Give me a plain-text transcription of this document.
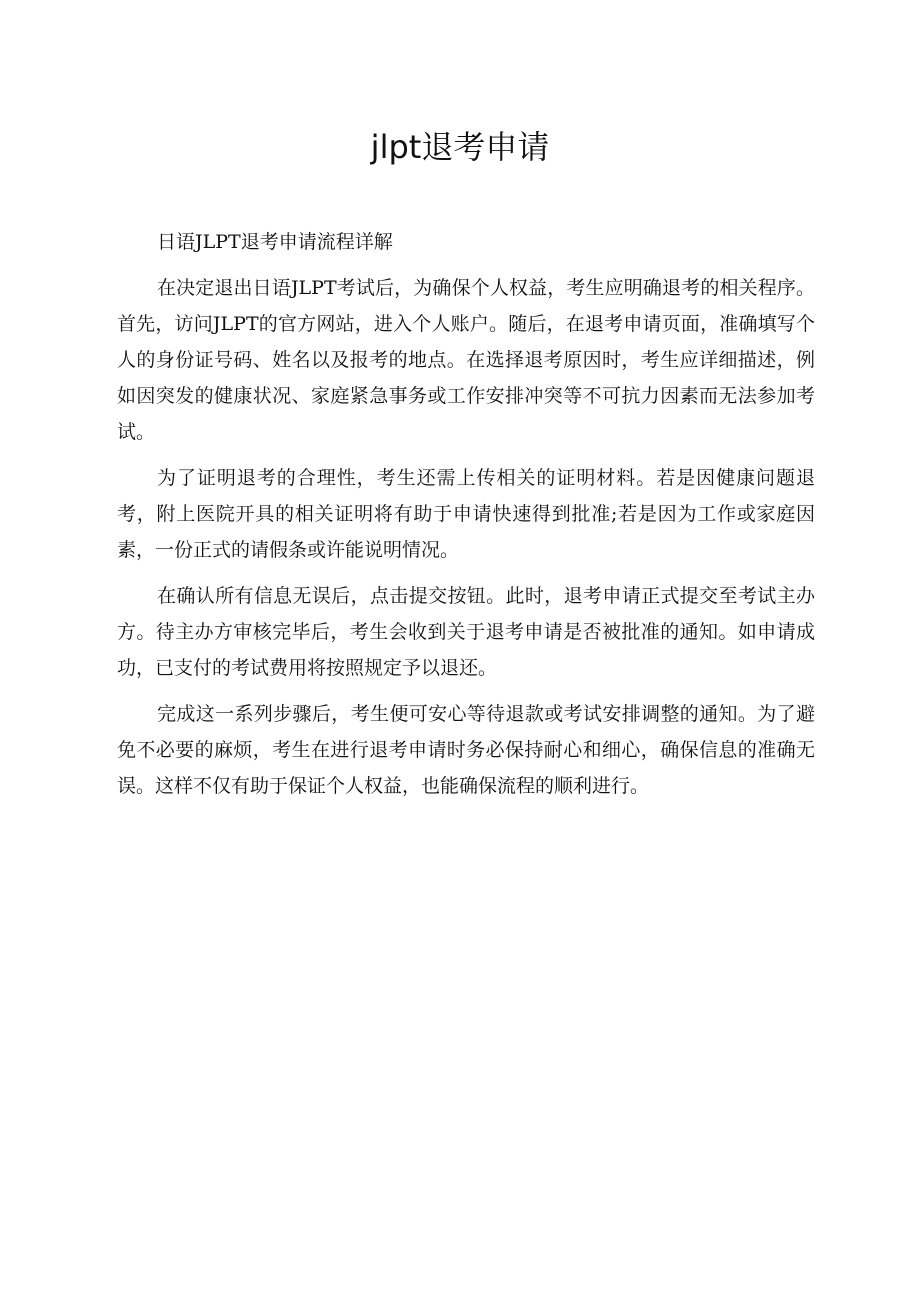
jlpt退考申请

日语JLPT退考申请流程详解

在决定退出日语JLPT考试后，为确保个人权益，考生应明确退考的相关程序。首先，访问JLPT的官方网站，进入个人账户。随后，在退考申请页面，准确填写个人的身份证号码、姓名以及报考的地点。在选择退考原因时，考生应详细描述，例如因突发的健康状况、家庭紧急事务或工作安排冲突等不可抗力因素而无法参加考试。

为了证明退考的合理性，考生还需上传相关的证明材料。若是因健康问题退考，附上医院开具的相关证明将有助于申请快速得到批准;若是因为工作或家庭因素，一份正式的请假条或许能说明情况。

在确认所有信息无误后，点击提交按钮。此时，退考申请正式提交至考试主办方。待主办方审核完毕后，考生会收到关于退考申请是否被批准的通知。如申请成功，已支付的考试费用将按照规定予以退还。

完成这一系列步骤后，考生便可安心等待退款或考试安排调整的通知。为了避免不必要的麻烦，考生在进行退考申请时务必保持耐心和细心，确保信息的准确无误。这样不仅有助于保证个人权益，也能确保流程的顺利进行。
